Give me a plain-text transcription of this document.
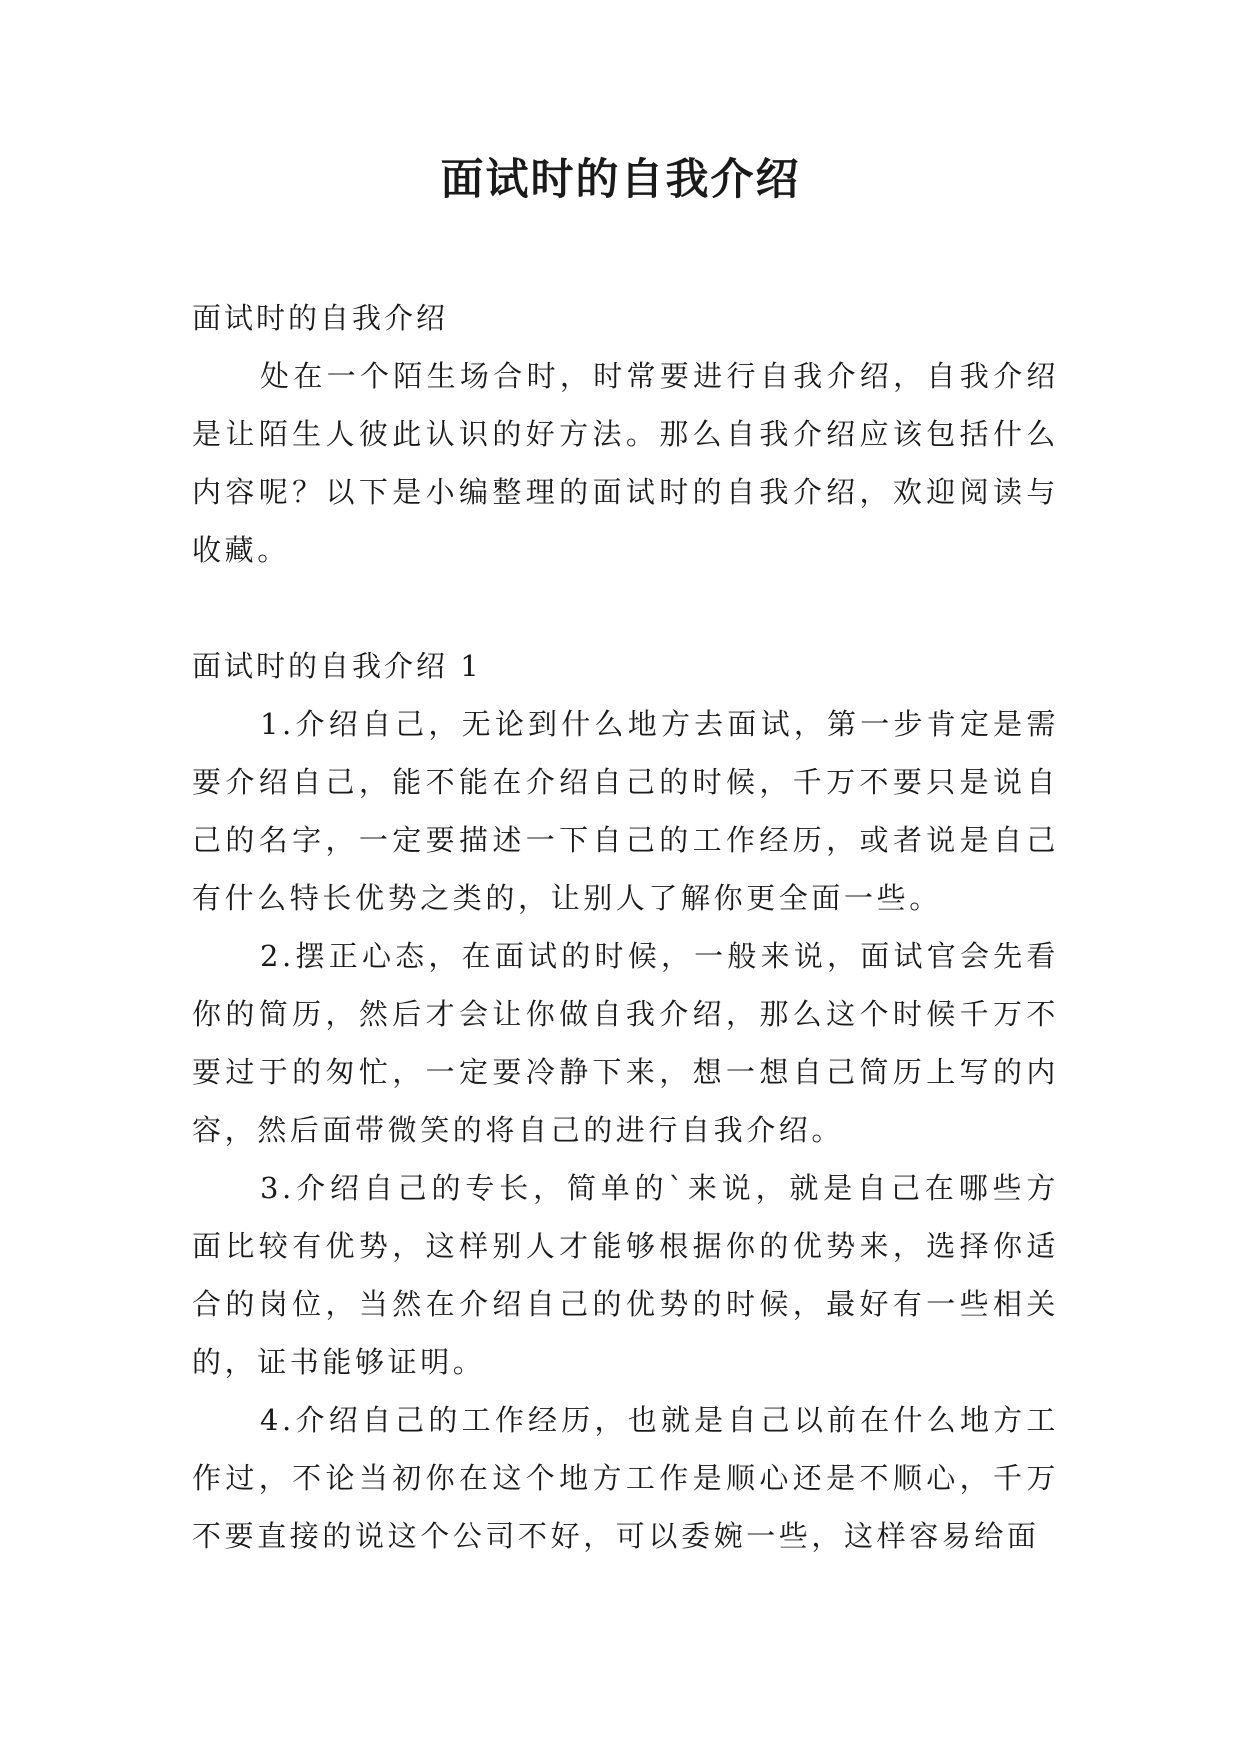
面试时的自我介绍

面试时的自我介绍

处在一个陌生场合时，时常要进行自我介绍，自我介绍是让陌生人彼此认识的好方法。那么自我介绍应该包括什么内容呢？以下是小编整理的面试时的自我介绍，欢迎阅读与收藏。

面试时的自我介绍 1

1.介绍自己，无论到什么地方去面试，第一步肯定是需要介绍自己，能不能在介绍自己的时候，千万不要只是说自己的名字，一定要描述一下自己的工作经历，或者说是自己有什么特长优势之类的，让别人了解你更全面一些。

2.摆正心态，在面试的时候，一般来说，面试官会先看你的简历，然后才会让你做自我介绍，那么这个时候千万不要过于的匆忙，一定要冷静下来，想一想自己简历上写的内容，然后面带微笑的将自己的进行自我介绍。

3.介绍自己的专长，简单的`来说，就是自己在哪些方面比较有优势，这样别人才能够根据你的优势来，选择你适合的岗位，当然在介绍自己的优势的时候，最好有一些相关的，证书能够证明。

4.介绍自己的工作经历，也就是自己以前在什么地方工作过，不论当初你在这个地方工作是顺心还是不顺心，千万不要直接的说这个公司不好，可以委婉一些，这样容易给面
